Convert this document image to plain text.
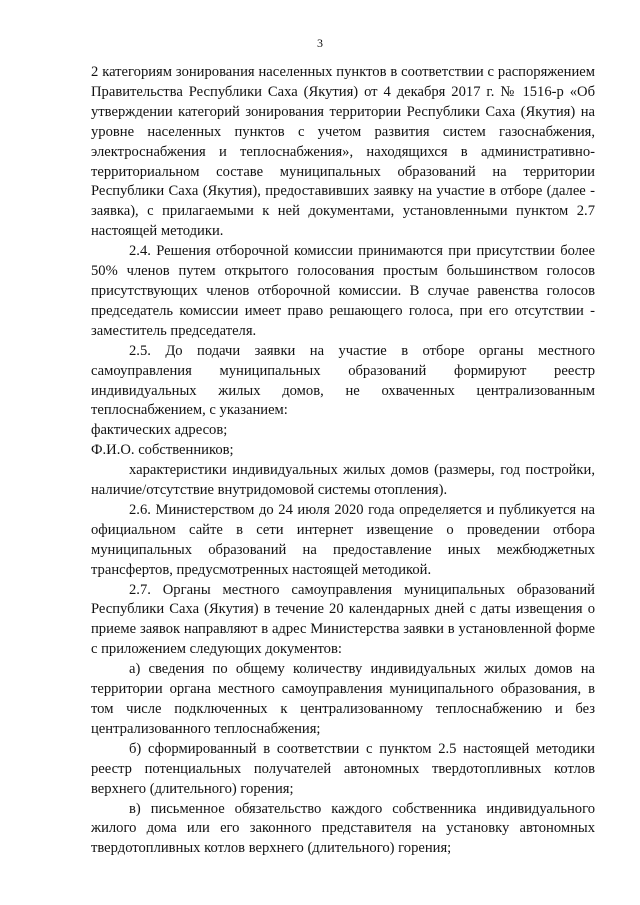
3

2 категориям зонирования населенных пунктов в соответствии с распоряжением Правительства Республики Саха (Якутия) от 4 декабря 2017 г. № 1516-р «Об утверждении категорий зонирования территории Республики Саха (Якутия) на уровне населенных пунктов с учетом развития систем газоснабжения, электроснабжения и теплоснабжения», находящихся в административно-территориальном составе муниципальных образований на территории Республики Саха (Якутия), предоставивших заявку на участие в отборе (далее - заявка), с прилагаемыми к ней документами, установленными пунктом 2.7 настоящей методики.

2.4. Решения отборочной комиссии принимаются при присутствии более 50% членов путем открытого голосования простым большинством голосов присутствующих членов отборочной комиссии. В случае равенства голосов председатель комиссии имеет право решающего голоса, при его отсутствии - заместитель председателя.

2.5. До подачи заявки на участие в отборе органы местного самоуправления муниципальных образований формируют реестр индивидуальных жилых домов, не охваченных централизованным теплоснабжением, с указанием:

фактических адресов;

Ф.И.О. собственников;

характеристики индивидуальных жилых домов (размеры, год постройки, наличие/отсутствие внутридомовой системы отопления).

2.6. Министерством до 24 июля 2020 года определяется и публикуется на официальном сайте в сети интернет извещение о проведении отбора муниципальных образований на предоставление иных межбюджетных трансфертов, предусмотренных настоящей методикой.

2.7. Органы местного самоуправления муниципальных образований Республики Саха (Якутия) в течение 20 календарных дней с даты извещения о приеме заявок направляют в адрес Министерства заявки в установленной форме с приложением следующих документов:

а) сведения по общему количеству индивидуальных жилых домов на территории органа местного самоуправления муниципального образования, в том числе подключенных к централизованному теплоснабжению и без централизованного теплоснабжения;

б) сформированный в соответствии с пунктом 2.5 настоящей методики реестр потенциальных получателей автономных твердотопливных котлов верхнего (длительного) горения;

в) письменное обязательство каждого собственника индивидуального жилого дома или его законного представителя на установку автономных твердотопливных котлов верхнего (длительного) горения;
